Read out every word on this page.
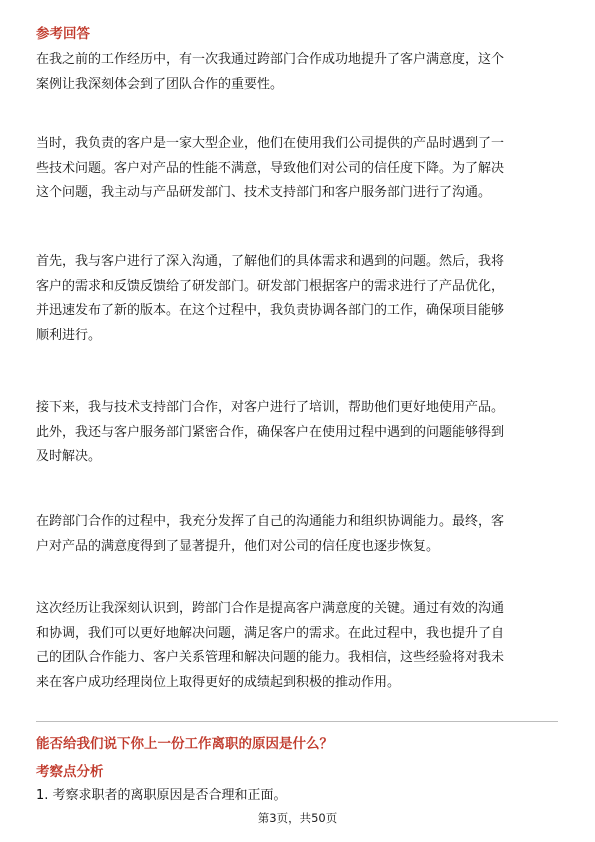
参考回答
在我之前的工作经历中，有一次我通过跨部门合作成功地提升了客户满意度，这个
案例让我深刻体会到了团队合作的重要性。
当时，我负责的客户是一家大型企业，他们在使用我们公司提供的产品时遇到了一
些技术问题。客户对产品的性能不满意，导致他们对公司的信任度下降。为了解决
这个问题，我主动与产品研发部门、技术支持部门和客户服务部门进行了沟通。
首先，我与客户进行了深入沟通，了解他们的具体需求和遇到的问题。然后，我将
客户的需求和反馈反馈给了研发部门。研发部门根据客户的需求进行了产品优化，
并迅速发布了新的版本。在这个过程中，我负责协调各部门的工作，确保项目能够
顺利进行。
接下来，我与技术支持部门合作，对客户进行了培训，帮助他们更好地使用产品。
此外，我还与客户服务部门紧密合作，确保客户在使用过程中遇到的问题能够得到
及时解决。
在跨部门合作的过程中，我充分发挥了自己的沟通能力和组织协调能力。最终，客
户对产品的满意度得到了显著提升，他们对公司的信任度也逐步恢复。
这次经历让我深刻认识到，跨部门合作是提高客户满意度的关键。通过有效的沟通
和协调，我们可以更好地解决问题，满足客户的需求。在此过程中，我也提升了自
己的团队合作能力、客户关系管理和解决问题的能力。我相信，这些经验将对我未
来在客户成功经理岗位上取得更好的成绩起到积极的推动作用。
能否给我们说下你上一份工作离职的原因是什么？
考察点分析
1. 考察求职者的离职原因是否合理和正面。
第3页，共50页
